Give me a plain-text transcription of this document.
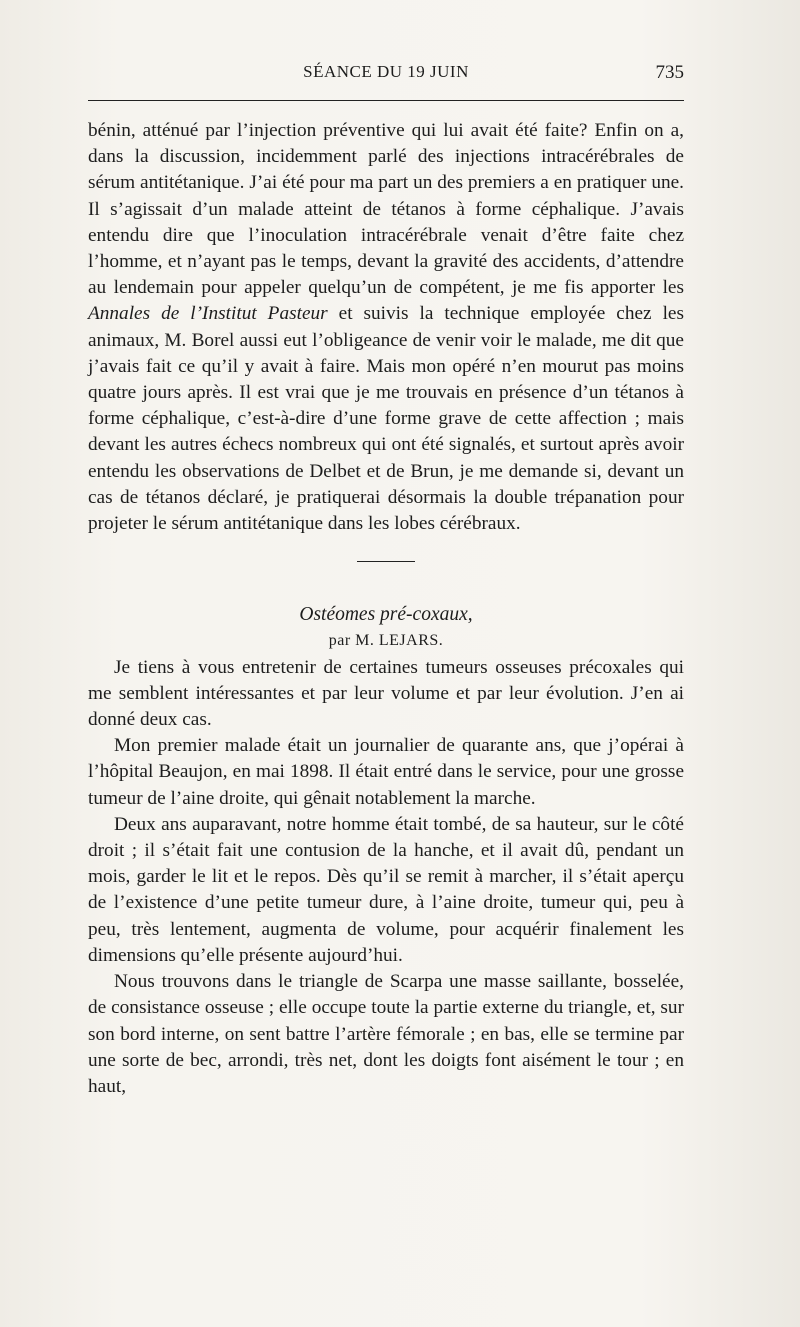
SÉANCE DU 19 JUIN	735

bénin, atténué par l’injection préventive qui lui avait été faite? Enfin on a, dans la discussion, incidemment parlé des injections intracérébrales de sérum antitétanique. J’ai été pour ma part un des premiers a en pratiquer une. Il s’agissait d’un malade atteint de tétanos à forme céphalique. J’avais entendu dire que l’inoculation intracérébrale venait d’être faite chez l’homme, et n’ayant pas le temps, devant la gravité des accidents, d’attendre au lendemain pour appeler quelqu’un de compétent, je me fis apporter les Annales de l’Institut Pasteur et suivis la technique employée chez les animaux, M. Borel aussi eut l’obligeance de venir voir le malade, me dit que j’avais fait ce qu’il y avait à faire. Mais mon opéré n’en mourut pas moins quatre jours après. Il est vrai que je me trouvais en présence d’un tétanos à forme céphalique, c’est-à-dire d’une forme grave de cette affection ; mais devant les autres échecs nombreux qui ont été signalés, et surtout après avoir entendu les observations de Delbet et de Brun, je me demande si, devant un cas de tétanos déclaré, je pratiquerai désormais la double trépanation pour projeter le sérum antitétanique dans les lobes cérébraux.

Ostéomes pré-coxaux,

par M. LEJARS.

Je tiens à vous entretenir de certaines tumeurs osseuses précoxales qui me semblent intéressantes et par leur volume et par leur évolution. J’en ai donné deux cas.

Mon premier malade était un journalier de quarante ans, que j’opérai à l’hôpital Beaujon, en mai 1898. Il était entré dans le service, pour une grosse tumeur de l’aine droite, qui gênait notablement la marche.

Deux ans auparavant, notre homme était tombé, de sa hauteur, sur le côté droit ; il s’était fait une contusion de la hanche, et il avait dû, pendant un mois, garder le lit et le repos. Dès qu’il se remit à marcher, il s’était aperçu de l’existence d’une petite tumeur dure, à l’aine droite, tumeur qui, peu à peu, très lentement, augmenta de volume, pour acquérir finalement les dimensions qu’elle présente aujourd’hui.

Nous trouvons dans le triangle de Scarpa une masse saillante, bosselée, de consistance osseuse ; elle occupe toute la partie externe du triangle, et, sur son bord interne, on sent battre l’artère fémorale ; en bas, elle se termine par une sorte de bec, arrondi, très net, dont les doigts font aisément le tour ; en haut,
